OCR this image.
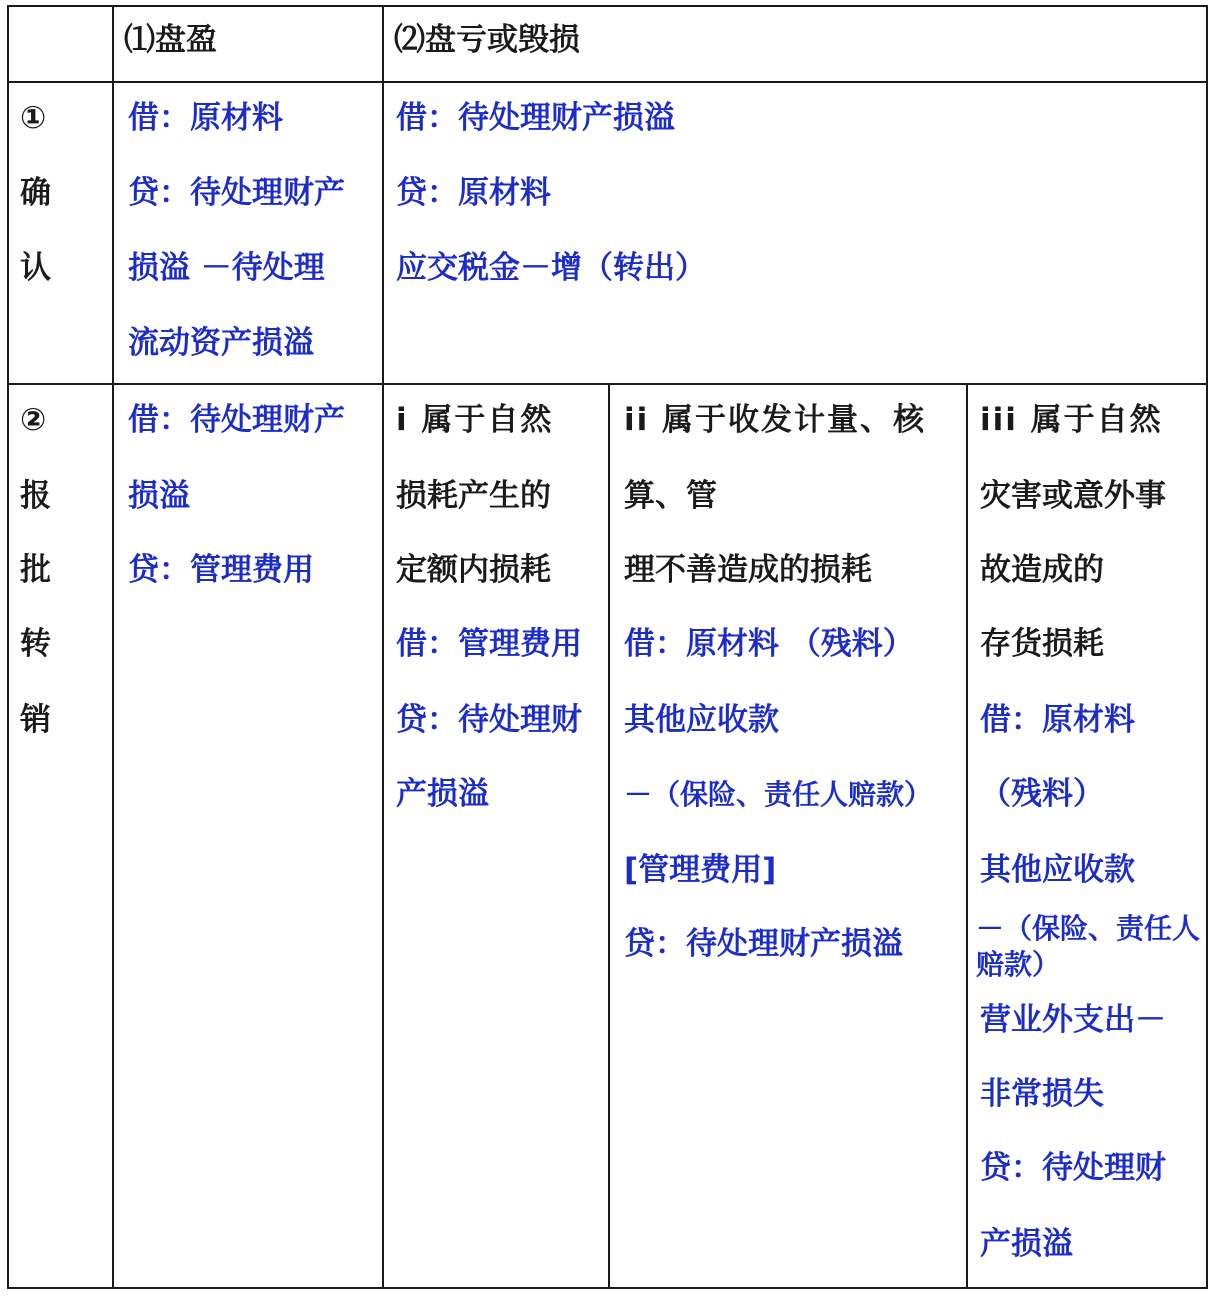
⑴盘盈	⑵盘亏或毁损
①
确
认
借：原材料
贷：待处理财产
损溢 －待处理
流动资产损溢
借：待处理财产损溢
贷：原材料
应交税金－增（转出）
②
报
批
转
销
借：待处理财产
损溢
贷：管理费用
i 属于自然
损耗产生的
定额内损耗
借：管理费用
贷：待处理财
产损溢
ii 属于收发计量、核
算、管
理不善造成的损耗
借：原材料 （残料）
其他应收款
－（保险、责任人赔款）
[管理费用]
贷：待处理财产损溢
iii 属于自然
灾害或意外事
故造成的
存货损耗
借：原材料
（残料）
其他应收款
－（保险、责任人
赔款）
营业外支出－
非常损失
贷：待处理财
产损溢
